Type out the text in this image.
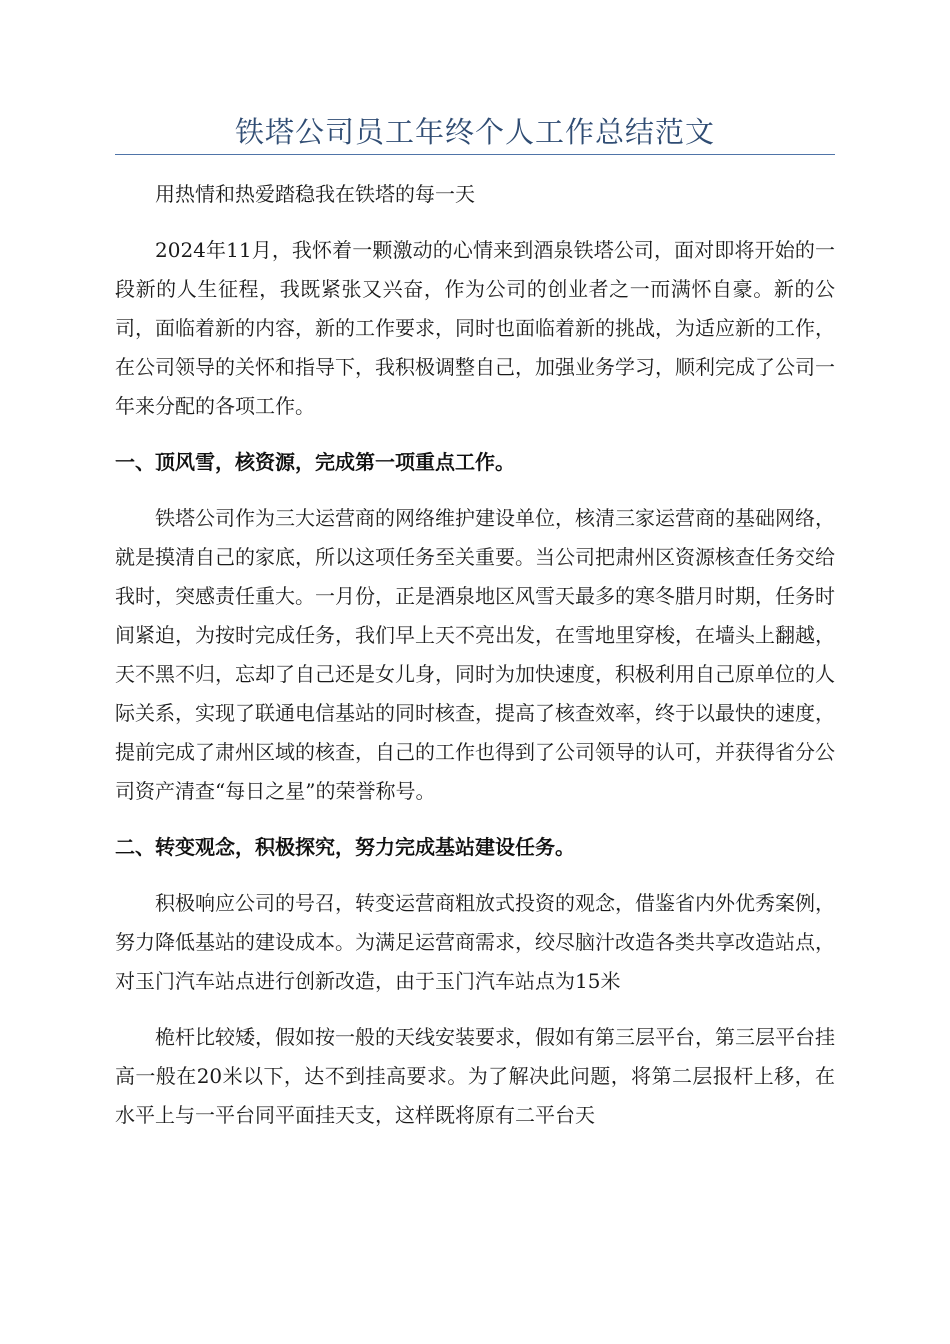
铁塔公司员工年终个人工作总结范文

用热情和热爱踏稳我在铁塔的每一天

2024年11月，我怀着一颗激动的心情来到酒泉铁塔公司，面对即将开始的一段新的人生征程，我既紧张又兴奋，作为公司的创业者之一而满怀自豪。新的公司，面临着新的内容，新的工作要求，同时也面临着新的挑战，为适应新的工作，在公司领导的关怀和指导下，我积极调整自己，加强业务学习，顺利完成了公司一年来分配的各项工作。

一、顶风雪，核资源，完成第一项重点工作。

铁塔公司作为三大运营商的网络维护建设单位，核清三家运营商的基础网络，就是摸清自己的家底，所以这项任务至关重要。当公司把肃州区资源核查任务交给我时，突感责任重大。一月份，正是酒泉地区风雪天最多的寒冬腊月时期，任务时间紧迫，为按时完成任务，我们早上天不亮出发，在雪地里穿梭，在墙头上翻越，天不黑不归，忘却了自己还是女儿身，同时为加快速度，积极利用自己原单位的人际关系，实现了联通电信基站的同时核查，提高了核查效率，终于以最快的速度，提前完成了肃州区域的核查，自己的工作也得到了公司领导的认可，并获得省分公司资产清查“每日之星”的荣誉称号。

二、转变观念，积极探究，努力完成基站建设任务。

积极响应公司的号召，转变运营商粗放式投资的观念，借鉴省内外优秀案例，努力降低基站的建设成本。为满足运营商需求，绞尽脑汁改造各类共享改造站点，对玉门汽车站点进行创新改造，由于玉门汽车站点为15米

桅杆比较矮，假如按一般的天线安装要求，假如有第三层平台，第三层平台挂高一般在20米以下，达不到挂高要求。为了解决此问题，将第二层报杆上移，在水平上与一平台同平面挂天支，这样既将原有二平台天
